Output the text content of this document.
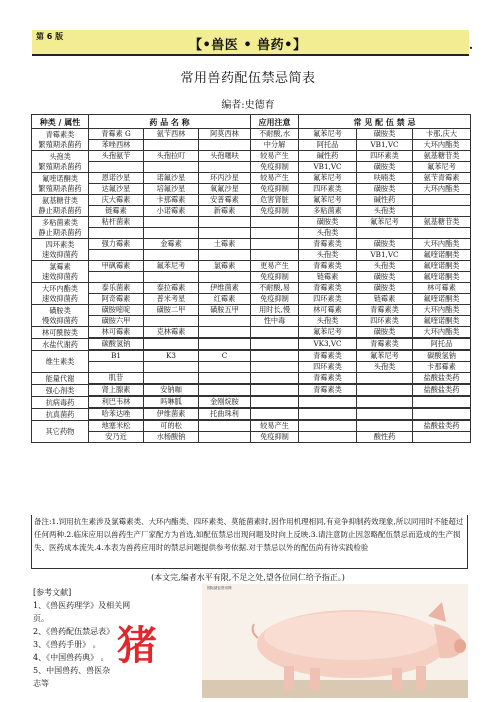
第 6 版
【•兽医 • 兽药•】	.
常用兽药配伍禁忌简表
编者:史德育
种类 / 属性	药 品 名 称			应用注意	常 见 配 伍 禁 忌		

青霉素类
繁殖期杀菌药	青霉素 G	氨苄西林	阿莫西林	不耐酸,水	氟苯尼考	磺胺类	卡那,庆大
	苯唑西林			中分解	阿托品	VB1,VC	大环内酯类

头孢类
繁殖期杀菌药	头孢氨苄	头孢拉叮	头孢噻呋	较易产生	碱性药	四环素类	氨基糖苷类
				免疫抑制	VB1,VC	磺胺类	氟苯尼考

氟喹诺酮类
繁殖期杀菌药	恩诺沙星	诺氟沙星	环丙沙星	较易产生	氟苯尼考	呋喃类	氨苄青霉素
	达氟沙星	培氟沙星	氧氟沙星	免疫抑制	四环素类	磺胺类	大环内酯类

氨基糖苷类
静止期杀菌药	庆大霉素	卡那霉素	安普霉素	危害肾脏	氟苯尼考	碱性药	
	链霉素	小诺霉素	新霉素	免疫抑制	多粘菌素	头孢类	

多粘菌素类
静止期杀菌药	粘杆菌素				磺胺类	氟苯尼考	氨基糖苷类
					头孢类		

四环素类
速效抑菌药	强力霉素	金霉素	土霉素		青霉素类	磺胺类	大环内酯类
					头孢类	VB1,VC	氟喹诺酮类

氯霉素
速效抑菌药	甲砜霉素	氟苯尼考	氯霉素	更易产生	青霉素类	头孢类	氟喹诺酮类
				免疫抑制	链霉素	磺胺类	氟喹诺酮类

大环内酯类
速效抑菌药	泰乐菌素	泰拉霉素	伊维菌素	不耐酸,易	青霉素类	磺胺类	林可霉素
	阿奇霉素	普米考星	红霉素	免疫抑制	四环素类	链霉素	氟喹诺酮类

磺胺类
慢效抑菌药	磺胺嘧啶	磺胺二甲	磺胺五甲	用时长,慢	林可霉素	青霉素类	大环内酯类
	磺胺六甲			性中毒	头孢类	四环素类	氟喹诺酮类

林可酰胺类	林可霉素	克林霉素			氟苯尼考	磺胺类	大环内酯类

水盐代谢药	碳酸氢钠				VK3,VC	青霉素类	阿托品

维生素类	B1	K3	C		青霉素类	氟苯尼考	碳酸氢钠
					四环素类	头孢类	卡那霉素

能量代谢	肌苷				青霉素类		盐酸盐类药

强心剂类	肾上腺素	安钠咖			青霉素类		盐酸盐类药

抗病毒药	利巴韦林	吗啉胍	金刚烷胺				

抗真菌药	哈苯达唑	伊维菌素	托曲珠利				

其它药物	地塞米松	可的松		较易产生			盐酸盐类药
	安乃近	水杨酸钠		免疫抑制		酸性药	
备注:1.饲用抗生素涉及氯霉素类、大环内酯类、四环素类、莫能菌素时,因作用机理相同,有竞争抑制药效现象,所以同用时不能超过任何两种.2.临床应用以兽药生产厂家配方为首选,如配伍禁忌出现问题及时向上反映.3.请注意防止因忽略配伍禁忌而造成的生产损失、医药成本流失.4.本表为兽药应用时的禁忌问题提供参考依据.对于禁忌以外的配伍尚有待实践检验
(本文完,编者水平有限,不足之处,望各位同仁给予指正。)
[参考文献]
1、《兽医药理学》及相关网页。
2、《兽药配伍禁忌表》
3、《兽药手册》 。
4、《中国兽药典》 。
5、中国兽药、兽医杂
志等
猪
国际猪业资讯网
